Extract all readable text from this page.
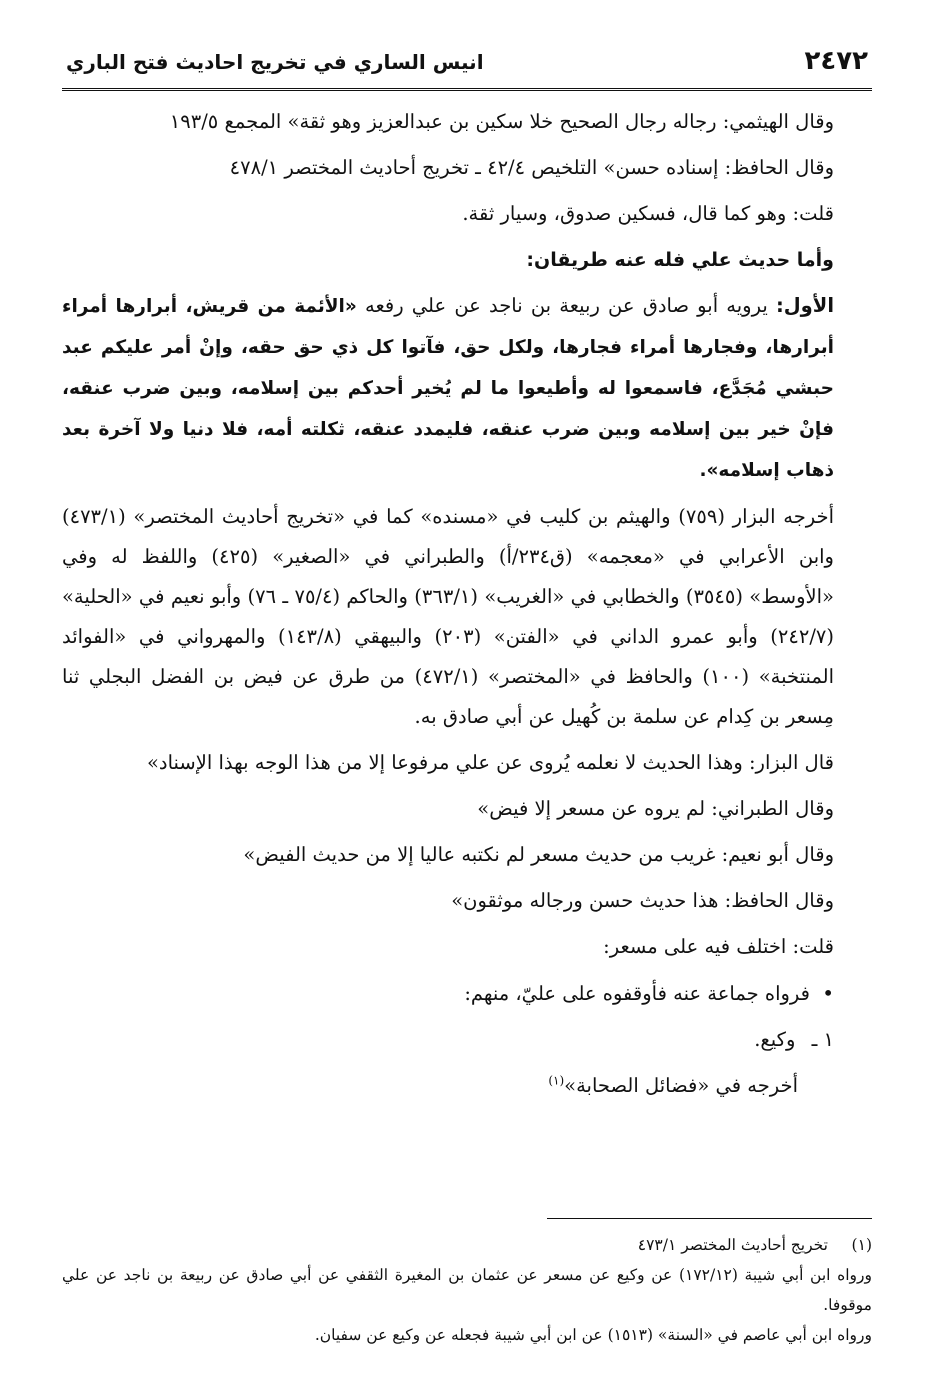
٢٤٧٢
انيس الساري في تخريج احاديث فتح الباري

وقال الهيثمي: رجاله رجال الصحيح خلا سكين بن عبدالعزيز وهو ثقة» المجمع ١٩٣/٥

وقال الحافظ: إسناده حسن» التلخيص ٤٢/٤ ـ تخريج أحاديث المختصر ٤٧٨/١

قلت: وهو كما قال، فسكين صدوق، وسيار ثقة.

وأما حديث علي فله عنه طريقان:

الأول: يرويه أبو صادق عن ربيعة بن ناجد عن علي رفعه «الأئمة من قريش، أبرارها أمراء أبرارها، وفجارها أمراء فجارها، ولكل حق، فآتوا كل ذي حق حقه، وإنْ أمر عليكم عبد حبشي مُجَدَّع، فاسمعوا له وأطيعوا ما لم يُخير أحدكم بين إسلامه، وبين ضرب عنقه، فإنْ خير بين إسلامه وبين ضرب عنقه، فليمدد عنقه، ثكلته أمه، فلا دنيا ولا آخرة بعد ذهاب إسلامه».

أخرجه البزار (٧٥٩) والهيثم بن كليب في «مسنده» كما في «تخريج أحاديث المختصر» (٤٧٣/١) وابن الأعرابي في «معجمه» (ق٢٣٤/أ) والطبراني في «الصغير» (٤٢٥) واللفظ له وفي «الأوسط» (٣٥٤٥) والخطابي في «الغريب» (٣٦٣/١) والحاكم (٧٥/٤ ـ ٧٦) وأبو نعيم في «الحلية» (٢٤٢/٧) وأبو عمرو الداني في «الفتن» (٢٠٣) والبيهقي (١٤٣/٨) والمهرواني في «الفوائد المنتخبة» (١٠٠) والحافظ في «المختصر» (٤٧٢/١) من طرق عن فيض بن الفضل البجلي ثنا مِسعر بن كِدام عن سلمة بن كُهيل عن أبي صادق به.

قال البزار: وهذا الحديث لا نعلمه يُروى عن علي مرفوعا إلا من هذا الوجه بهذا الإسناد»

وقال الطبراني: لم يروه عن مسعر إلا فيض»

وقال أبو نعيم: غريب من حديث مسعر لم نكتبه عاليا إلا من حديث الفيض»

وقال الحافظ: هذا حديث حسن ورجاله موثقون»

قلت: اختلف فيه على مسعر:

• فرواه جماعة عنه فأوقفوه على عليّ، منهم:

١ ـ وكيع.

أخرجه في «فضائل الصحابة»$^{(١)}$

(١)تخريج أحاديث المختصر ٤٧٣/١

ورواه ابن أبي شيبة (١٧٢/١٢) عن وكيع عن مسعر عن عثمان بن المغيرة الثقفي عن أبي صادق عن ربيعة بن ناجد عن علي موقوفا.

ورواه ابن أبي عاصم في «السنة» (١٥١٣) عن ابن أبي شيبة فجعله عن وكيع عن سفيان.
